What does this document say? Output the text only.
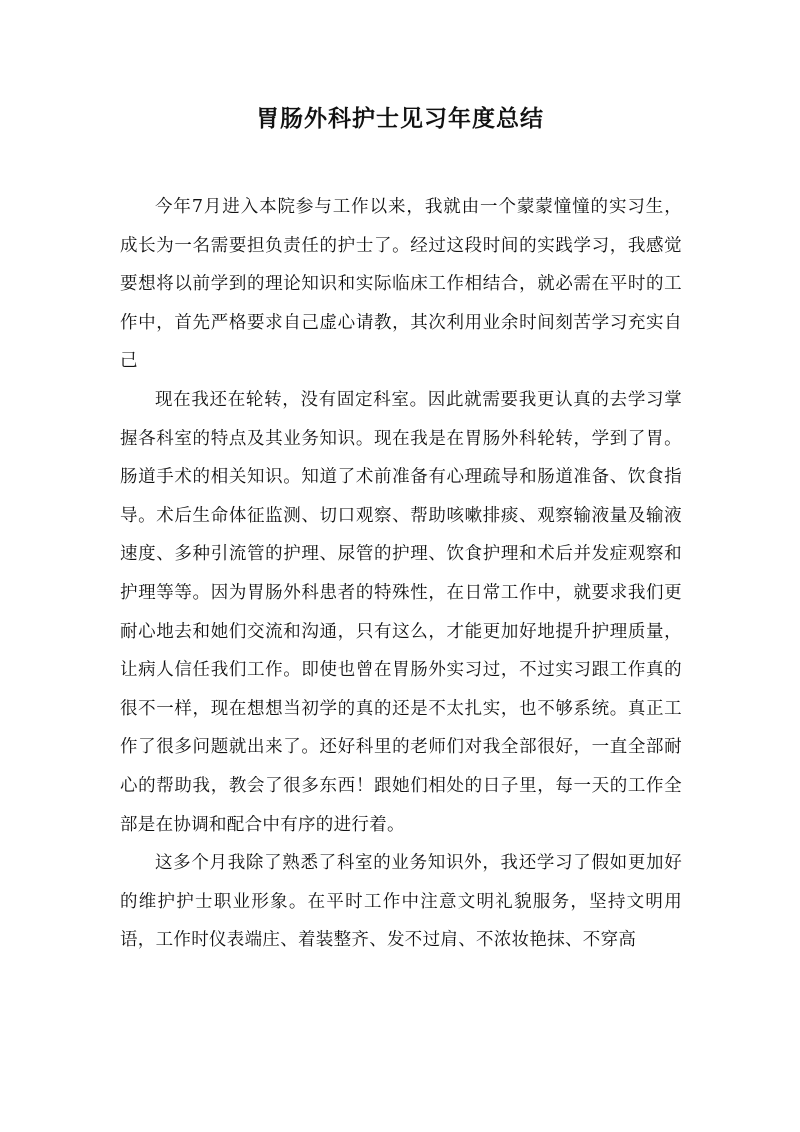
胃肠外科护士见习年度总结

今年7月进入本院参与工作以来，我就由一个蒙蒙憧憧的实习生，成长为一名需要担负责任的护士了。经过这段时间的实践学习，我感觉要想将以前学到的理论知识和实际临床工作相结合，就必需在平时的工作中，首先严格要求自己虚心请教，其次利用业余时间刻苦学习充实自己

现在我还在轮转，没有固定科室。因此就需要我更认真的去学习掌握各科室的特点及其业务知识。现在我是在胃肠外科轮转，学到了胃。肠道手术的相关知识。知道了术前准备有心理疏导和肠道准备、饮食指导。术后生命体征监测、切口观察、帮助咳嗽排痰、观察输液量及输液速度、多种引流管的护理、尿管的护理、饮食护理和术后并发症观察和护理等等。因为胃肠外科患者的特殊性，在日常工作中，就要求我们更耐心地去和她们交流和沟通，只有这么，才能更加好地提升护理质量，让病人信任我们工作。即使也曾在胃肠外实习过，不过实习跟工作真的很不一样，现在想想当初学的真的还是不太扎实，也不够系统。真正工作了很多问题就出来了。还好科里的老师们对我全部很好，一直全部耐心的帮助我，教会了很多东西！跟她们相处的日子里，每一天的工作全部是在协调和配合中有序的进行着。

这多个月我除了熟悉了科室的业务知识外，我还学习了假如更加好的维护护士职业形象。在平时工作中注意文明礼貌服务，坚持文明用语，工作时仪表端庄、着装整齐、发不过肩、不浓妆艳抹、不穿高
